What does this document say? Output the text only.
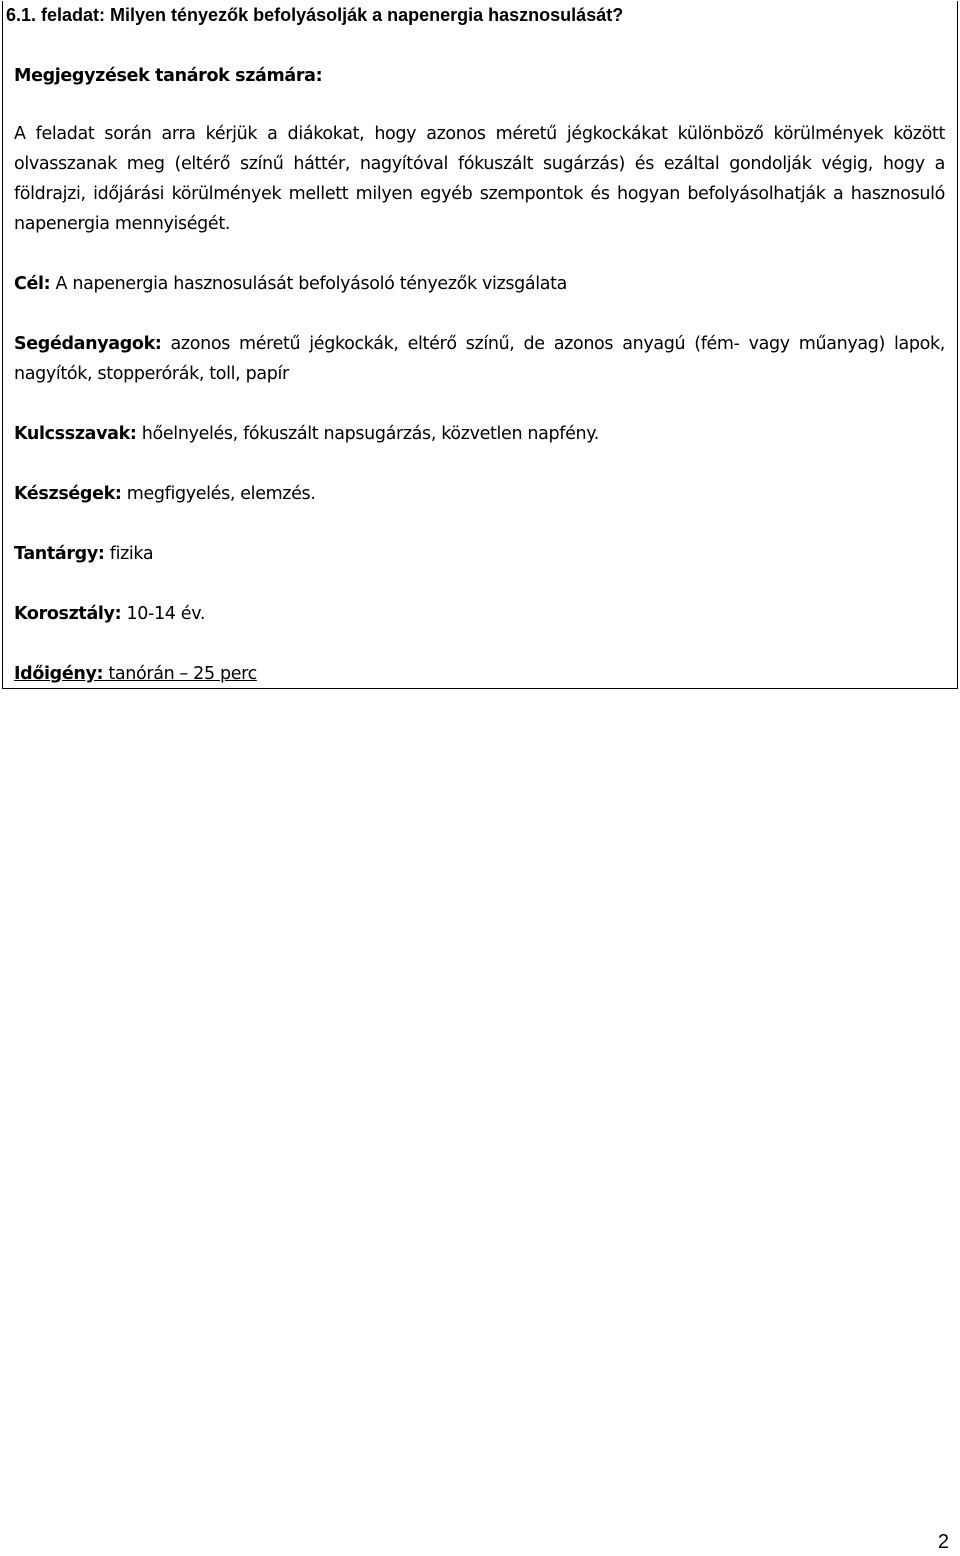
6.1. feladat: Milyen tényezők befolyásolják a napenergia hasznosulását?
Megjegyzések tanárok számára:
A feladat során arra kérjük a diákokat, hogy azonos méretű jégkockákat különböző körülmények között olvasszanak meg (eltérő színű háttér, nagyítóval fókuszált sugárzás) és ezáltal gondolják végig, hogy a földrajzi, időjárási körülmények mellett milyen egyéb szempontok és hogyan befolyásolhatják a hasznosuló napenergia mennyiségét.
Cél: A napenergia hasznosulását befolyásoló tényezők vizsgálata
Segédanyagok: azonos méretű jégkockák, eltérő színű, de azonos anyagú (fém- vagy műanyag) lapok, nagyítók, stopperórák, toll, papír
Kulcsszavak: hőelnyelés, fókuszált napsugárzás, közvetlen napfény.
Készségek: megfigyelés, elemzés.
Tantárgy: fizika
Korosztály: 10-14 év.
Időigény: tanórán – 25 perc
2
